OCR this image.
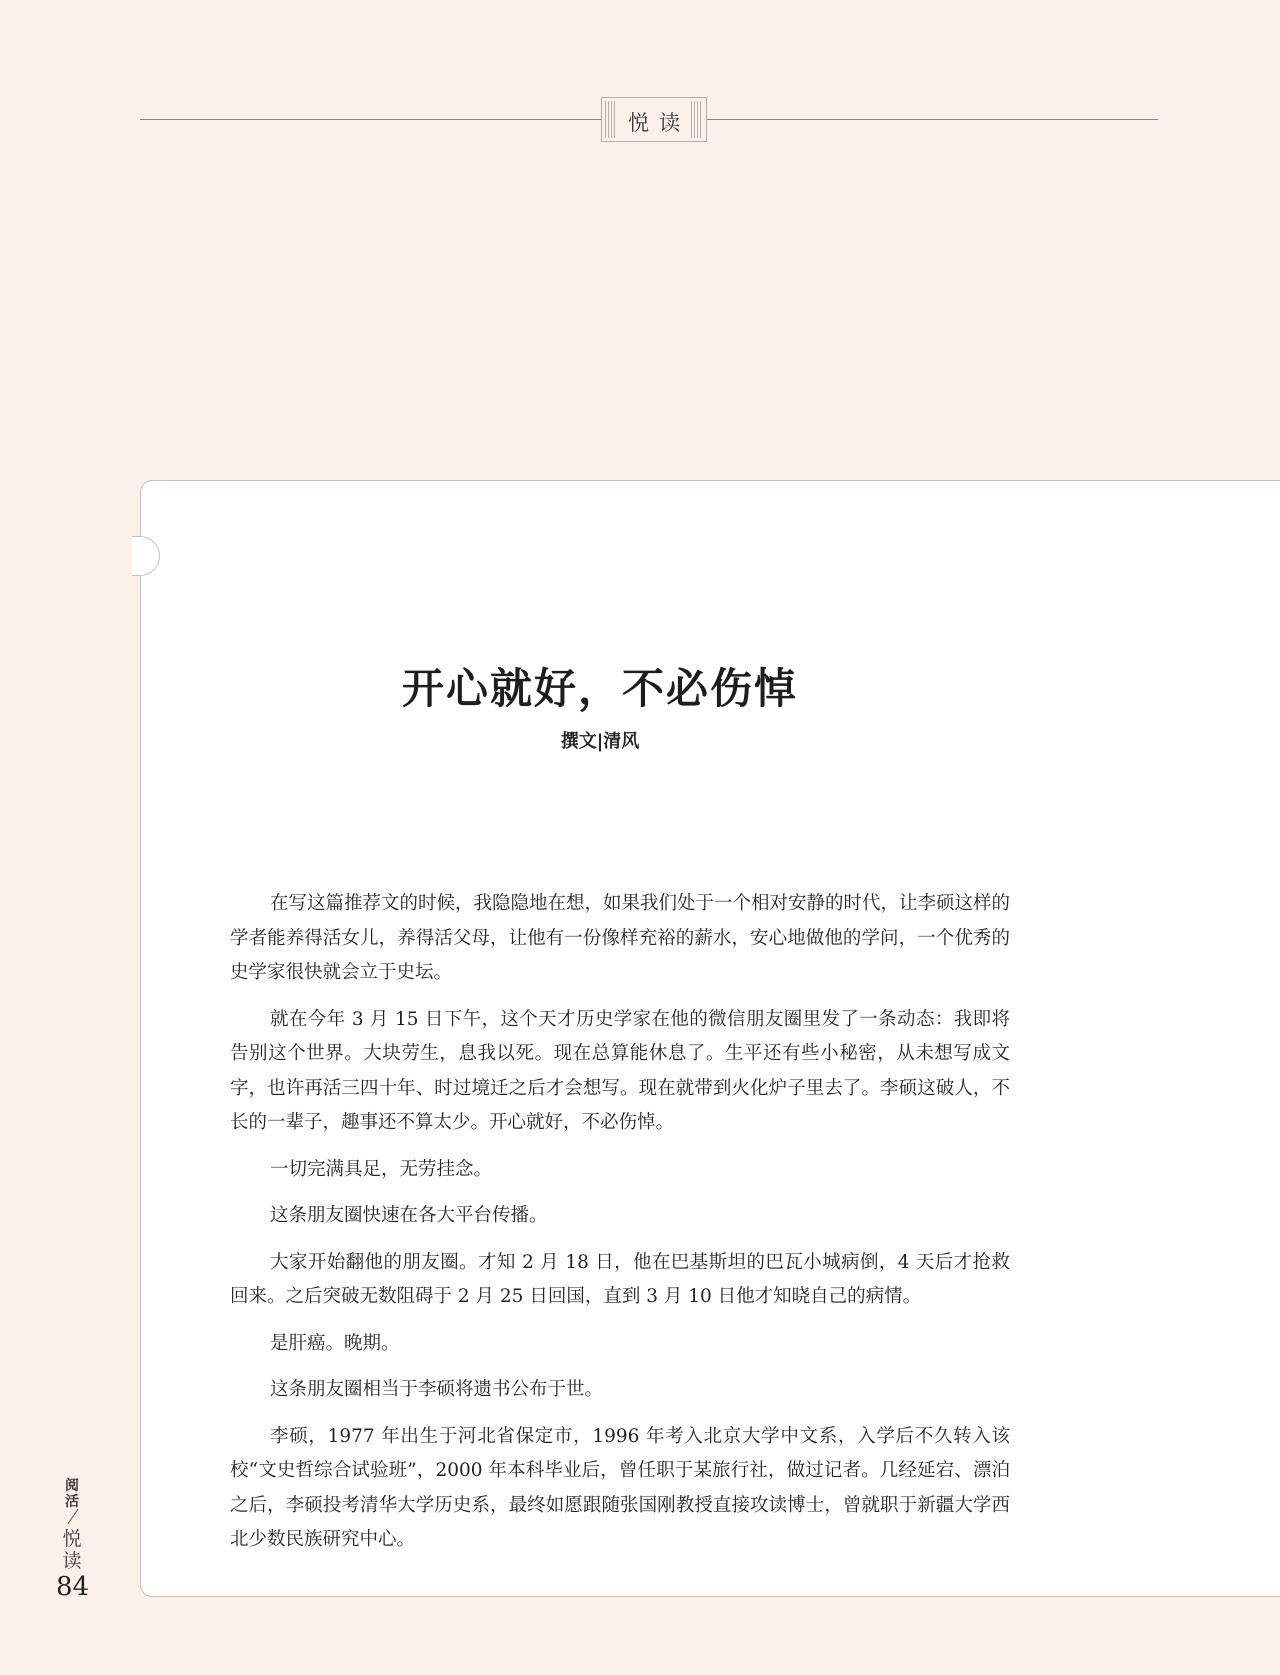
悦读
开心就好，不必伤悼
撰文|清风

在写这篇推荐文的时候，我隐隐地在想，如果我们处于一个相对安静的时代，让李硕这样的学者能养得活女儿，养得活父母，让他有一份像样充裕的薪水，安心地做他的学问，一个优秀的史学家很快就会立于史坛。

就在今年 3 月 15 日下午，这个天才历史学家在他的微信朋友圈里发了一条动态：我即将告别这个世界。大块劳生，息我以死。现在总算能休息了。生平还有些小秘密，从未想写成文字，也许再活三四十年、时过境迁之后才会想写。现在就带到火化炉子里去了。李硕这破人，不长的一辈子，趣事还不算太少。开心就好，不必伤悼。

一切完满具足，无劳挂念。

这条朋友圈快速在各大平台传播。

大家开始翻他的朋友圈。才知 2 月 18 日，他在巴基斯坦的巴瓦小城病倒，4 天后才抢救回来。之后突破无数阻碍于 2 月 25 日回国，直到 3 月 10 日他才知晓自己的病情。

是肝癌。晚期。

这条朋友圈相当于李硕将遗书公布于世。

李硕，1977 年出生于河北省保定市，1996 年考入北京大学中文系，入学后不久转入该校“文史哲综合试验班”，2000 年本科毕业后，曾任职于某旅行社，做过记者。几经延宕、漂泊之后，李硕投考清华大学历史系，最终如愿跟随张国刚教授直接攻读博士，曾就职于新疆大学西北少数民族研究中心。

阅活
悦读
84
